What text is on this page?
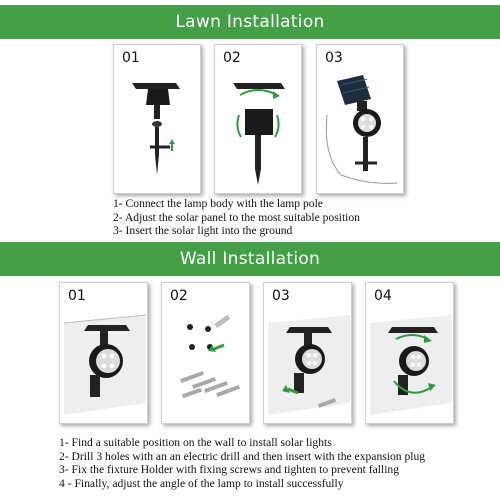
Lawn Installation
01	02	03
1- Connect the lamp body with the lamp pole
2- Adjust the solar panel to the most suitable position
3- Insert the solar light into the ground
Wall Installation
01	02	03	04
1- Find a suitable position on the wall to install solar lights
2- Drill 3 holes with an an electric drill and then insert with the expansion plug
3- Fix the fixture Holder with fixing screws and tighten to prevent falling
4 - Finally, adjust the angle of the lamp to install successfully
